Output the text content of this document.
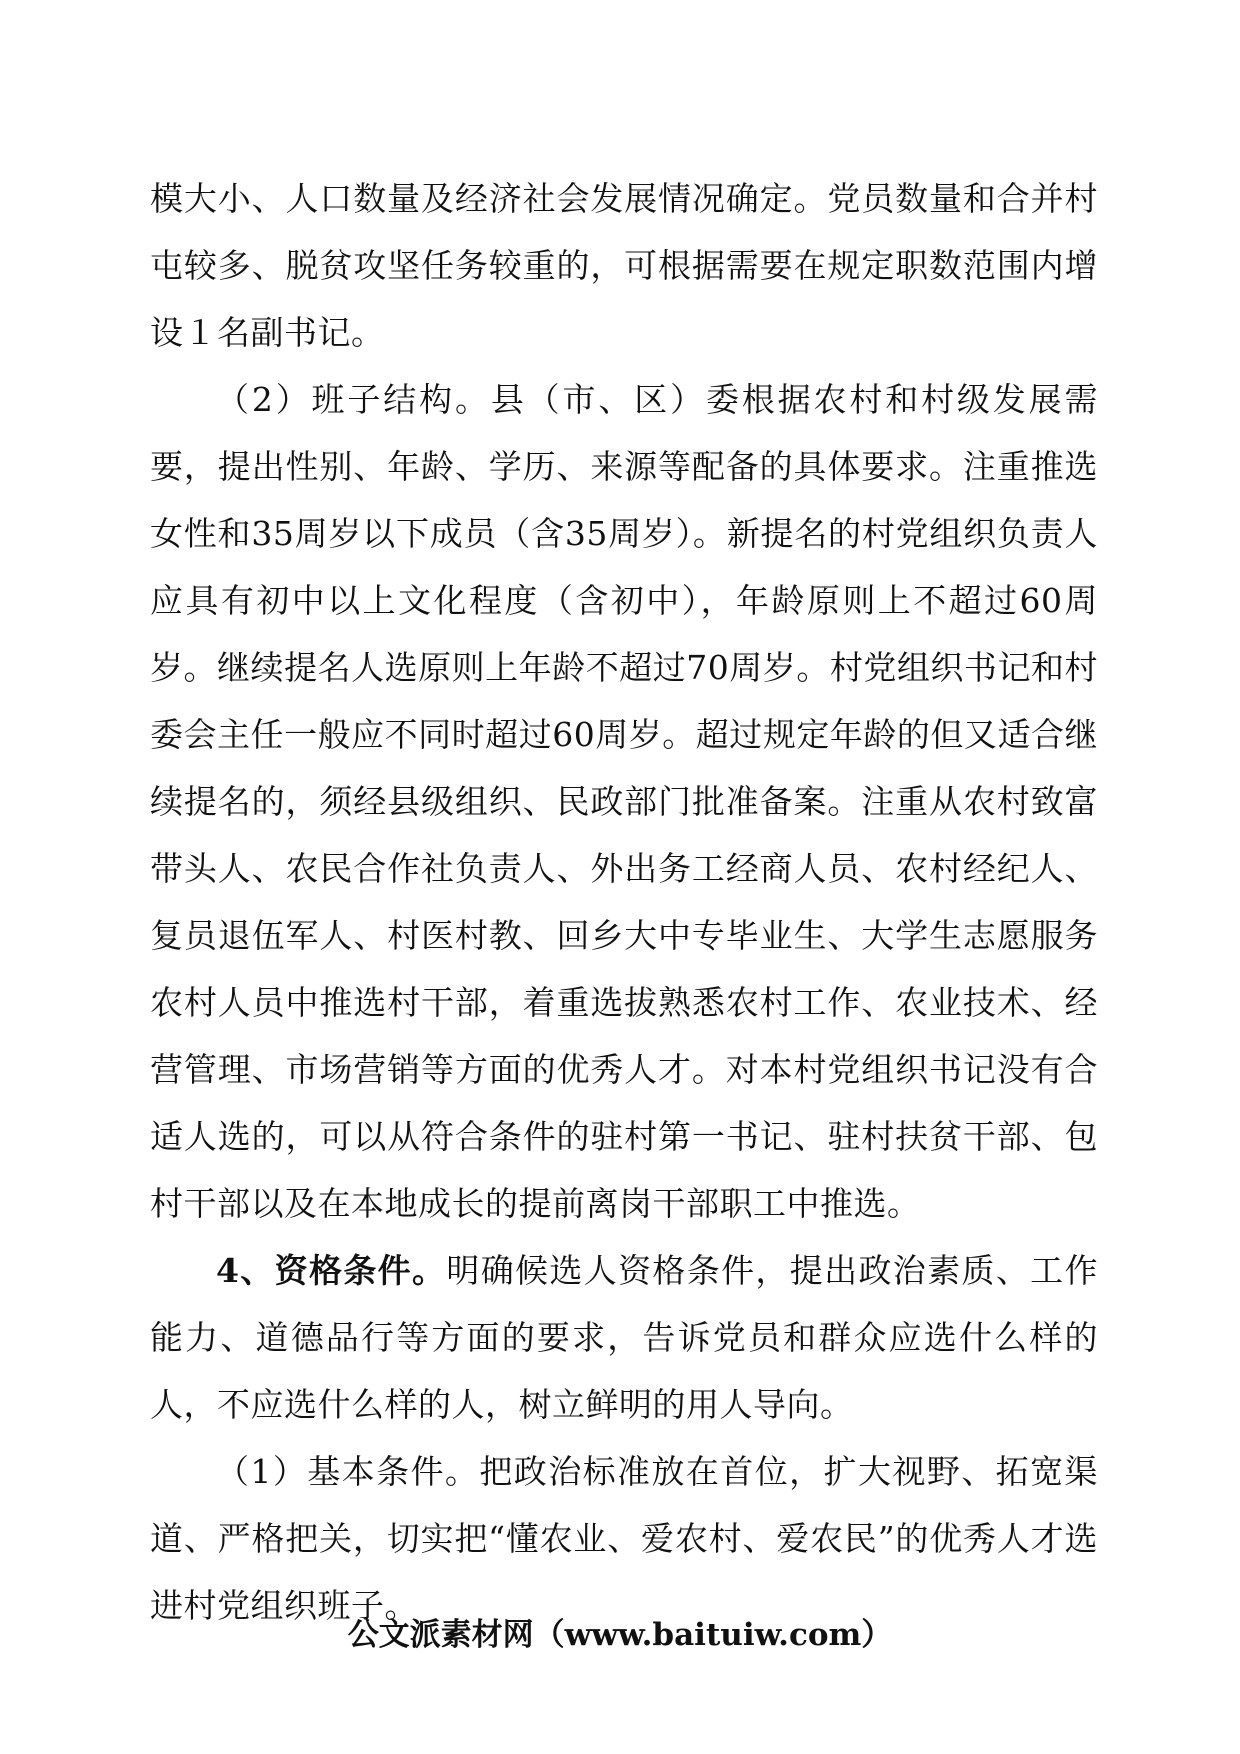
模大小、人口数量及经济社会发展情况确定。党员数量和合并村屯较多、脱贫攻坚任务较重的，可根据需要在规定职数范围内增设１名副书记。

（2）班子结构。县（市、区）委根据农村和村级发展需要，提出性别、年龄、学历、来源等配备的具体要求。注重推选女性和35周岁以下成员（含35周岁）。新提名的村党组织负责人应具有初中以上文化程度（含初中），年龄原则上不超过60周岁。继续提名人选原则上年龄不超过70周岁。村党组织书记和村委会主任一般应不同时超过60周岁。超过规定年龄的但又适合继续提名的，须经县级组织、民政部门批准备案。注重从农村致富带头人、农民合作社负责人、外出务工经商人员、农村经纪人、复员退伍军人、村医村教、回乡大中专毕业生、大学生志愿服务农村人员中推选村干部，着重选拔熟悉农村工作、农业技术、经营管理、市场营销等方面的优秀人才。对本村党组织书记没有合适人选的，可以从符合条件的驻村第一书记、驻村扶贫干部、包村干部以及在本地成长的提前离岗干部职工中推选。

4、资格条件。明确候选人资格条件，提出政治素质、工作能力、道德品行等方面的要求，告诉党员和群众应选什么样的人，不应选什么样的人，树立鲜明的用人导向。

（1）基本条件。把政治标准放在首位，扩大视野、拓宽渠道、严格把关，切实把“懂农业、爱农村、爱农民”的优秀人才选进村党组织班子。

公文派素材网（www.baituiw.com）
